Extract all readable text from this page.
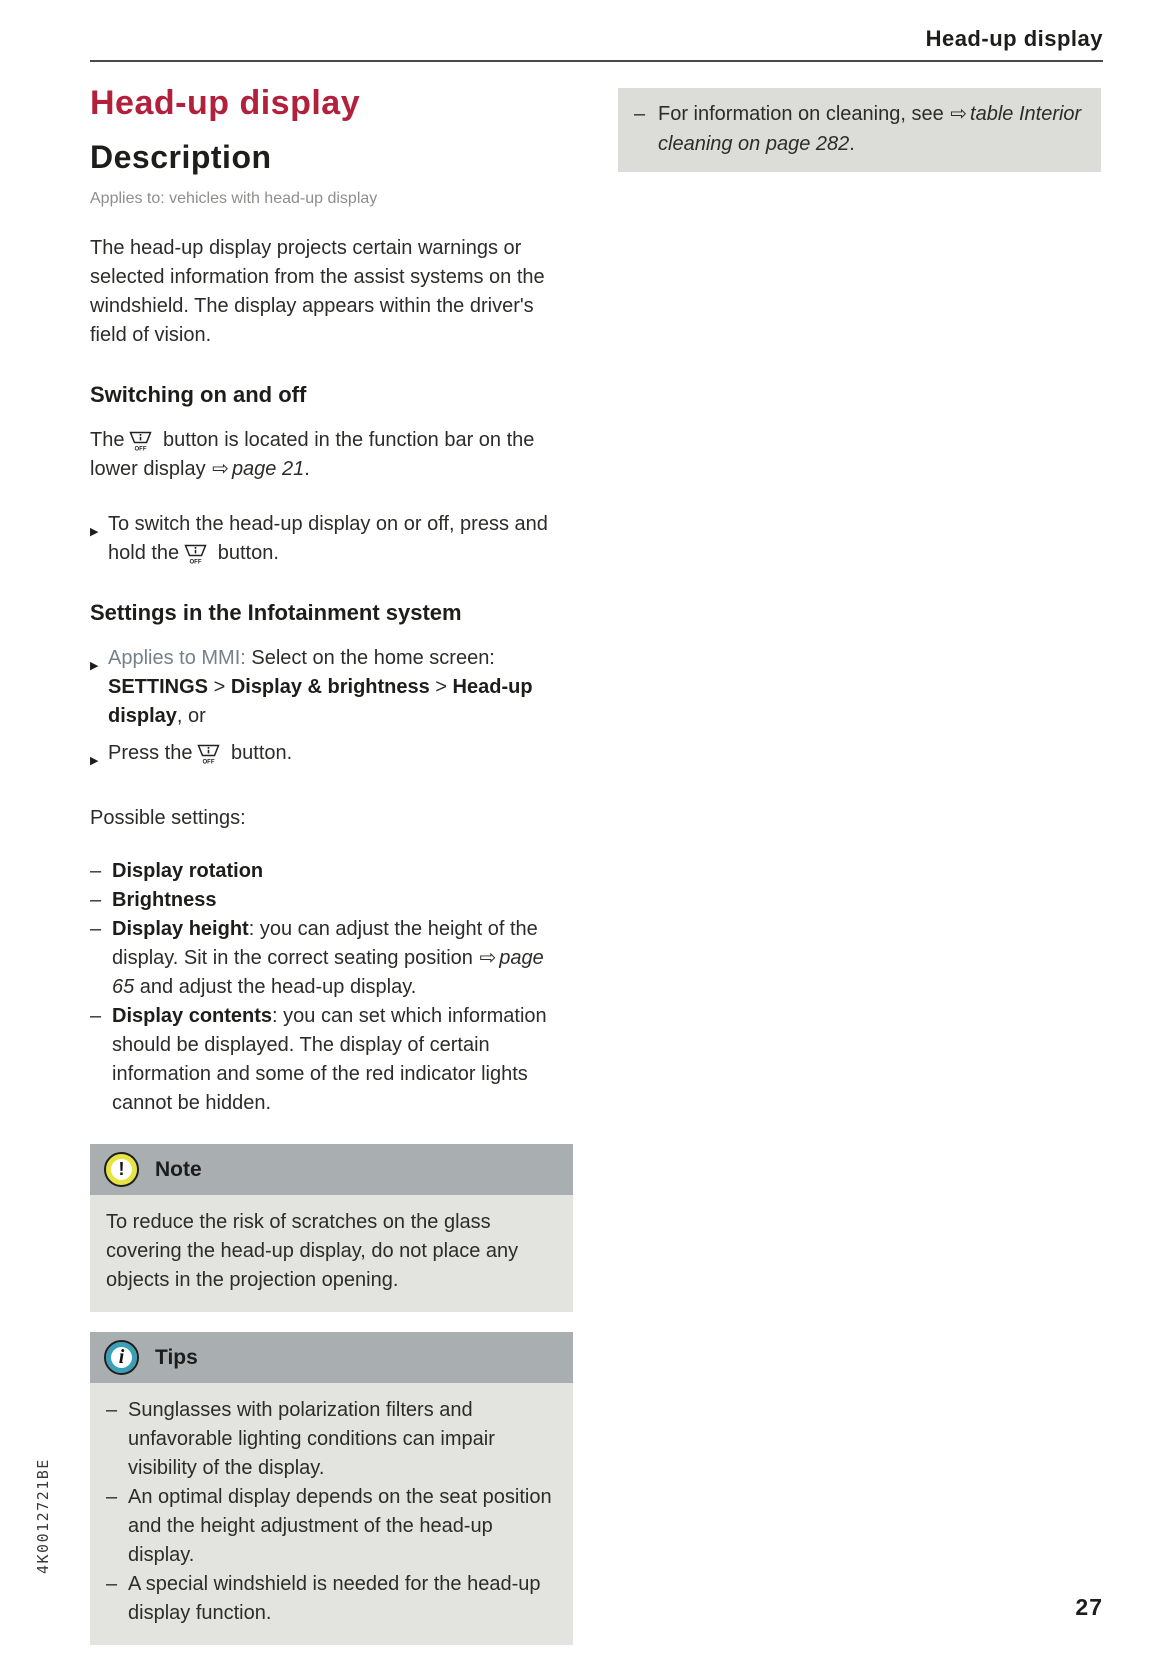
Head-up display
– For information on cleaning, see ⇨ table Interior cleaning on page 282.
Head-up display
Description
Applies to: vehicles with head-up display

The head-up display projects certain warnings or selected information from the assist systems on the windshield. The display appears within the driver's field of vision.

Switching on and off

The OFF button is located in the function bar on the lower display ⇨ page 21.

▶ To switch the head-up display on or off, press and hold the OFF button.
Settings in the Infotainment system
▶ Applies to MMI: Select on the home screen: SETTINGS > Display & brightness > Head-up display, or
▶ Press the OFF button.

Possible settings:

– Display rotation
– Brightness
– Display height: you can adjust the height of the display. Sit in the correct seating position ⇨ page 65 and adjust the head-up display.
– Display contents: you can set which information should be displayed. The display of certain information and some of the red indicator lights cannot be hidden.
!	Note
To reduce the risk of scratches on the glass covering the head-up display, do not place any objects in the projection opening.
i	Tips
– Sunglasses with polarization filters and unfavorable lighting conditions can impair visibility of the display.
– An optimal display depends on the seat position and the height adjustment of the head-up display.
– A special windshield is needed for the head-up display function.
4K0012721BE
27
